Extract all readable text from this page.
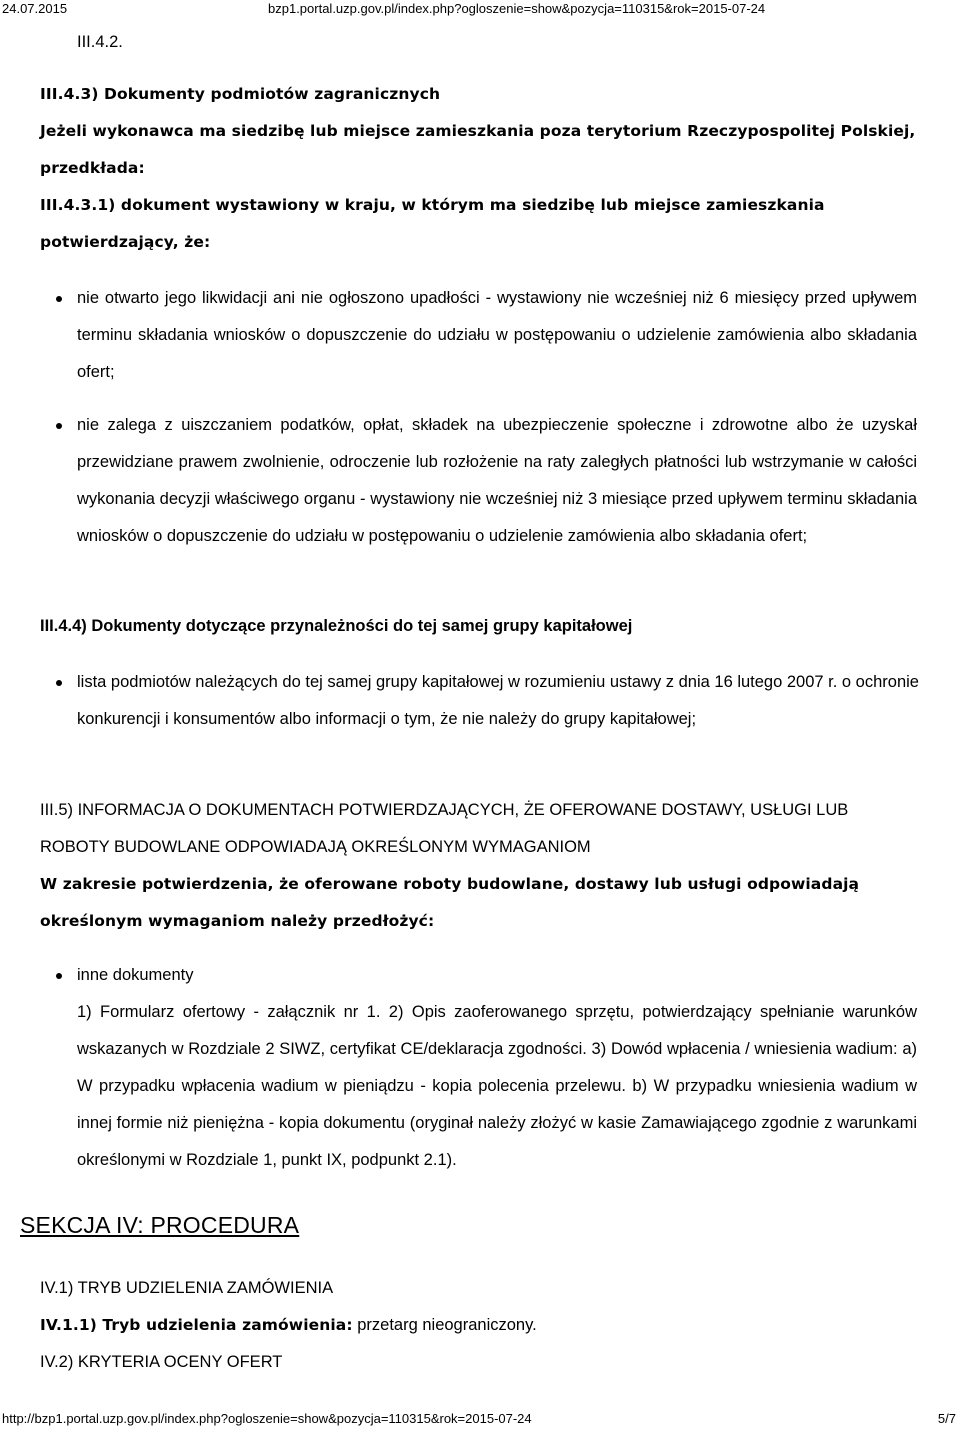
24.07.2015	bzp1.portal.uzp.gov.pl/index.php?ogloszenie=show&pozycja=110315&rok=2015-07-24

III.4.2.

III.4.3) Dokumenty podmiotów zagranicznych

Jeżeli wykonawca ma siedzibę lub miejsce zamieszkania poza terytorium Rzeczypospolitej Polskiej, przedkłada:

III.4.3.1) dokument wystawiony w kraju, w którym ma siedzibę lub miejsce zamieszkania potwierdzający, że:

nie otwarto jego likwidacji ani nie ogłoszono upadłości - wystawiony nie wcześniej niż 6 miesięcy przed upływem terminu składania wniosków o dopuszczenie do udziału w postępowaniu o udzielenie zamówienia albo składania ofert;

nie zalega z uiszczaniem podatków, opłat, składek na ubezpieczenie społeczne i zdrowotne albo że uzyskał przewidziane prawem zwolnienie, odroczenie lub rozłożenie na raty zaległych płatności lub wstrzymanie w całości wykonania decyzji właściwego organu - wystawiony nie wcześniej niż 3 miesiące przed upływem terminu składania wniosków o dopuszczenie do udziału w postępowaniu o udzielenie zamówienia albo składania ofert;

III.4.4) Dokumenty dotyczące przynależności do tej samej grupy kapitałowej

lista podmiotów należących do tej samej grupy kapitałowej w rozumieniu ustawy z dnia 16 lutego 2007 r. o ochronie konkurencji i konsumentów albo informacji o tym, że nie należy do grupy kapitałowej;

III.5) INFORMACJA O DOKUMENTACH POTWIERDZAJĄCYCH, ŻE OFEROWANE DOSTAWY, USŁUGI LUB ROBOTY BUDOWLANE ODPOWIADAJĄ OKREŚLONYM WYMAGANIOM

W zakresie potwierdzenia, że oferowane roboty budowlane, dostawy lub usługi odpowiadają określonym wymaganiom należy przedłożyć:

inne dokumenty

1) Formularz ofertowy - załącznik nr 1. 2) Opis zaoferowanego sprzętu, potwierdzający spełnianie warunków wskazanych w Rozdziale 2 SIWZ, certyfikat CE/deklaracja zgodności. 3) Dowód wpłacenia / wniesienia wadium: a) W przypadku wpłacenia wadium w pieniądzu - kopia polecenia przelewu. b) W przypadku wniesienia wadium w innej formie niż pieniężna - kopia dokumentu (oryginał należy złożyć w kasie Zamawiającego zgodnie z warunkami określonymi w Rozdziale 1, punkt IX, podpunkt 2.1).

SEKCJA IV: PROCEDURA

IV.1) TRYB UDZIELENIA ZAMÓWIENIA

IV.1.1) Tryb udzielenia zamówienia: przetarg nieograniczony.

IV.2) KRYTERIA OCENY OFERT

http://bzp1.portal.uzp.gov.pl/index.php?ogloszenie=show&pozycja=110315&rok=2015-07-24	5/7
